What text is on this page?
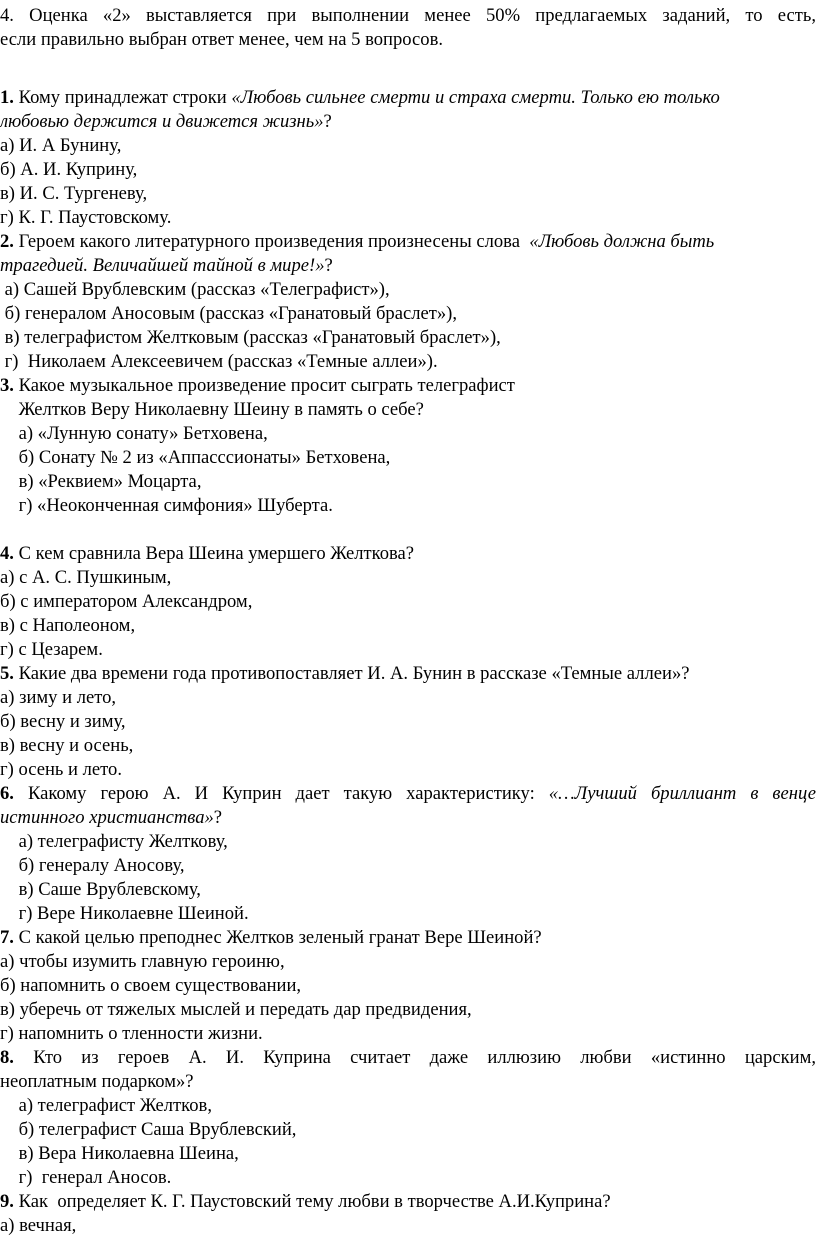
4. Оценка «2» выставляется при выполнении менее 50% предлагаемых заданий, то есть,
если правильно выбран ответ менее, чем на 5 вопросов.
1. Кому принадлежат строки «Любовь сильнее смерти и страха смерти. Только ею только
любовью держится и движется жизнь»?
а) И. А Бунину,
б) А. И. Куприну,
в) И. С. Тургеневу,
г) К. Г. Паустовскому.
2. Героем какого литературного произведения произнесены слова  «Любовь должна быть
трагедией. Величайшей тайной в мире!»?
а) Сашей Врублевским (рассказ «Телеграфист»),
б) генералом Аносовым (рассказ «Гранатовый браслет»),
в) телеграфистом Желтковым (рассказ «Гранатовый браслет»),
г)  Николаем Алексеевичем (рассказ «Темные аллеи»).
3. Какое музыкальное произведение просит сыграть телеграфист
Желтков Веру Николаевну Шеину в память о себе?
а) «Лунную сонату» Бетховена,
б) Сонату № 2 из «Аппасссионаты» Бетховена,
в) «Реквием» Моцарта,
г) «Неоконченная симфония» Шуберта.
4. С кем сравнила Вера Шеина умершего Желткова?
а) с А. С. Пушкиным,
б) с императором Александром,
в) с Наполеоном,
г) с Цезарем.
5. Какие два времени года противопоставляет И. А. Бунин в рассказе «Темные аллеи»?
а) зиму и лето,
б) весну и зиму,
в) весну и осень,
г) осень и лето.
6. Какому герою А. И Куприн дает такую характеристику: «…Лучший бриллиант в венце
истинного христианства»?
а) телеграфисту Желткову,
б) генералу Аносову,
в) Саше Врублевскому,
г) Вере Николаевне Шеиной.
7. С какой целью преподнес Желтков зеленый гранат Вере Шеиной?
а) чтобы изумить главную героиню,
б) напомнить о своем существовании,
в) уберечь от тяжелых мыслей и передать дар предвидения,
г) напомнить о тленности жизни.
8. Кто из героев А. И. Куприна считает даже иллюзию любви «истинно царским,
неоплатным подарком»?
а) телеграфист Желтков,
б) телеграфист Саша Врублевский,
в) Вера Николаевна Шеина,
г)  генерал Аносов.
9. Как  определяет К. Г. Паустовский тему любви в творчестве А.И.Куприна?
а) вечная,
